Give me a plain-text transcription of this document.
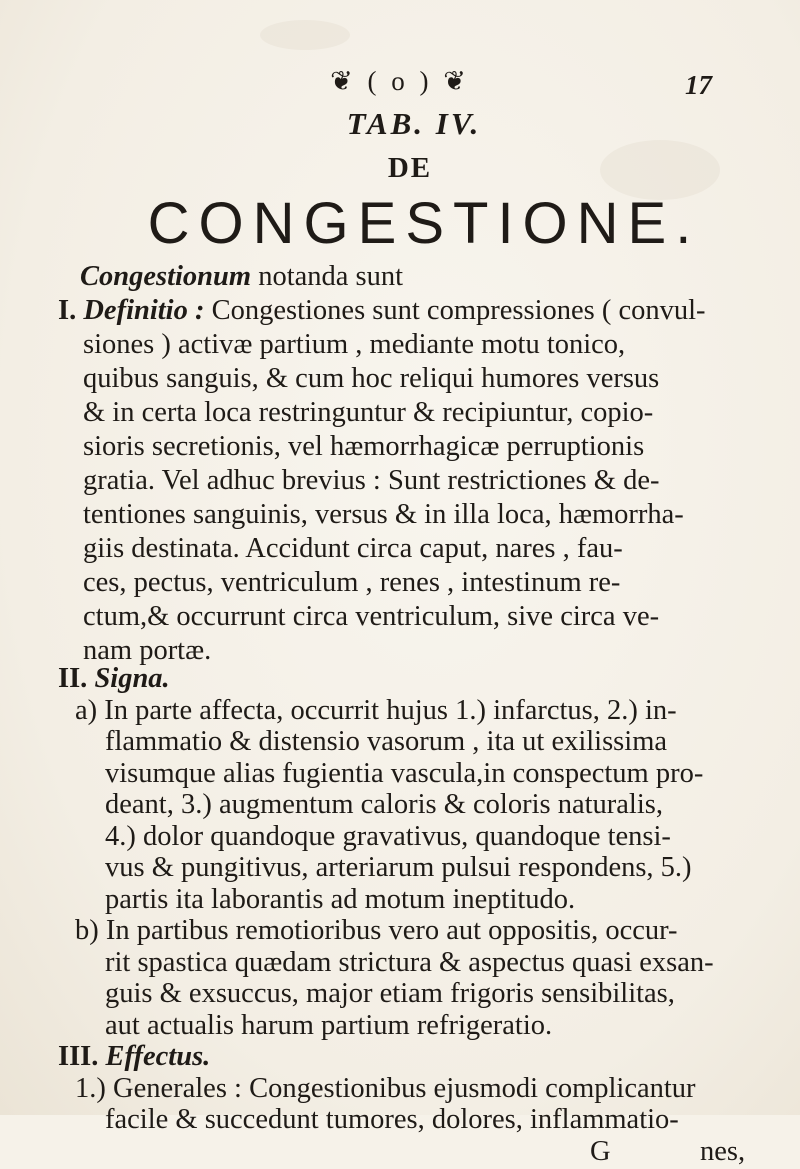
❦ ( o ) ❦	17
TAB. IV.
DE
CONGESTIONE.
Congestionum notanda sunt
I. Definitio : Congestiones sunt compressiones ( convul-
siones ) activæ partium , mediante motu tonico,
quibus sanguis, & cum hoc reliqui humores versus
& in certa loca restringuntur & recipiuntur, copio-
sioris secretionis, vel hæmorrhagicæ perruptionis
gratia. Vel adhuc brevius : Sunt restrictiones & de-
tentiones sanguinis, versus & in illa loca, hæmorrha-
giis destinata. Accidunt circa caput, nares , fau-
ces, pectus, ventriculum , renes , intestinum re-
ctum,& occurrunt circa ventriculum, sive circa ve-
nam portæ.
II. Signa.
a) In parte affecta, occurrit hujus 1.) infarctus, 2.) in-
flammatio & distensio vasorum , ita ut exilissima
visumque alias fugientia vascula,in conspectum pro-
deant, 3.) augmentum caloris & coloris naturalis,
4.) dolor quandoque gravativus, quandoque tensi-
vus & pungitivus, arteriarum pulsui respondens, 5.)
partis ita laborantis ad motum ineptitudo.
b) In partibus remotioribus vero aut oppositis, occur-
rit spastica quædam strictura & aspectus quasi exsan-
guis & exsuccus, major etiam frigoris sensibilitas,
aut actualis harum partium refrigeratio.
III. Effectus.
1.) Generales : Congestionibus ejusmodi complicantur
facile & succedunt tumores, dolores, inflammatio-
G	nes,
